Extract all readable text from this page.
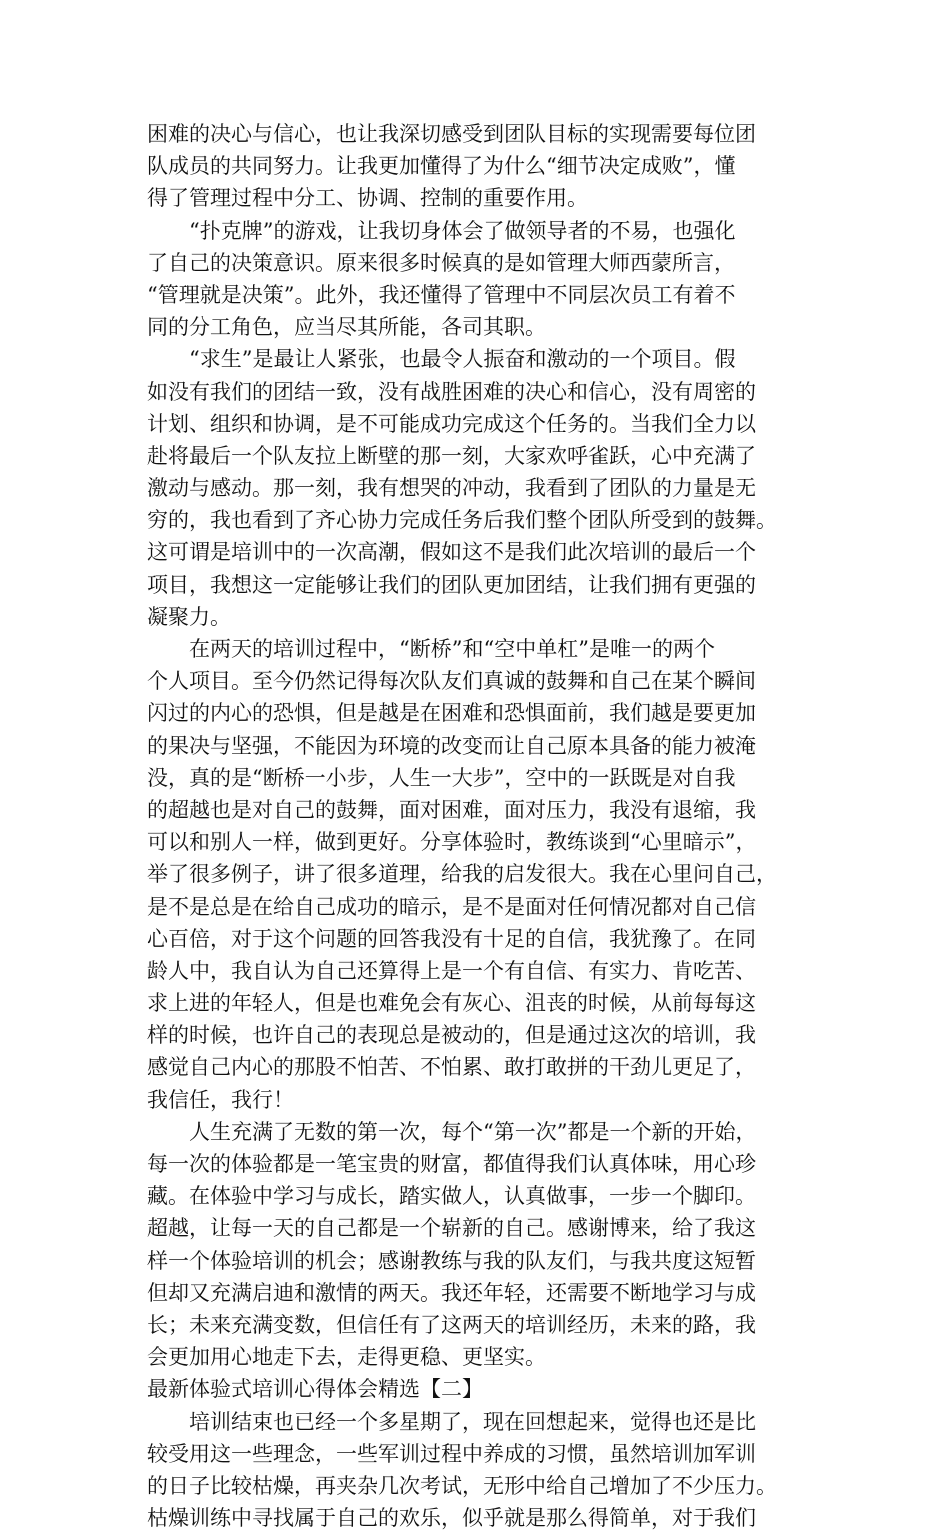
困难的决心与信心，也让我深切感受到团队目标的实现需要每位团
队成员的共同努力。让我更加懂得了为什么“细节决定成败”，懂
得了管理过程中分工、协调、控制的重要作用。
　　“扑克牌”的游戏，让我切身体会了做领导者的不易，也强化
了自己的决策意识。原来很多时候真的是如管理大师西蒙所言，
“管理就是决策”。此外，我还懂得了管理中不同层次员工有着不
同的分工角色，应当尽其所能，各司其职。
　　“求生”是最让人紧张，也最令人振奋和激动的一个项目。假
如没有我们的团结一致，没有战胜困难的决心和信心，没有周密的
计划、组织和协调，是不可能成功完成这个任务的。当我们全力以
赴将最后一个队友拉上断壁的那一刻，大家欢呼雀跃，心中充满了
激动与感动。那一刻，我有想哭的冲动，我看到了团队的力量是无
穷的，我也看到了齐心协力完成任务后我们整个团队所受到的鼓舞。
这可谓是培训中的一次高潮，假如这不是我们此次培训的最后一个
项目，我想这一定能够让我们的团队更加团结，让我们拥有更强的
凝聚力。
　　在两天的培训过程中，“断桥”和“空中单杠”是唯一的两个
个人项目。至今仍然记得每次队友们真诚的鼓舞和自己在某个瞬间
闪过的内心的恐惧，但是越是在困难和恐惧面前，我们越是要更加
的果决与坚强，不能因为环境的改变而让自己原本具备的能力被淹
没，真的是“断桥一小步，人生一大步”，空中的一跃既是对自我
的超越也是对自己的鼓舞，面对困难，面对压力，我没有退缩，我
可以和别人一样，做到更好。分享体验时，教练谈到“心里暗示”，
举了很多例子，讲了很多道理，给我的启发很大。我在心里问自己，
是不是总是在给自己成功的暗示，是不是面对任何情况都对自己信
心百倍，对于这个问题的回答我没有十足的自信，我犹豫了。在同
龄人中，我自认为自己还算得上是一个有自信、有实力、肯吃苦、
求上进的年轻人，但是也难免会有灰心、沮丧的时候，从前每每这
样的时候，也许自己的表现总是被动的，但是通过这次的培训，我
感觉自己内心的那股不怕苦、不怕累、敢打敢拼的干劲儿更足了，
我信任，我行！
　　人生充满了无数的第一次，每个“第一次”都是一个新的开始，
每一次的体验都是一笔宝贵的财富，都值得我们认真体味，用心珍
藏。在体验中学习与成长，踏实做人，认真做事，一步一个脚印。
超越，让每一天的自己都是一个崭新的自己。感谢博来，给了我这
样一个体验培训的机会；感谢教练与我的队友们，与我共度这短暂
但却又充满启迪和激情的两天。我还年轻，还需要不断地学习与成
长；未来充满变数，但信任有了这两天的培训经历，未来的路，我
会更加用心地走下去，走得更稳、更坚实。
最新体验式培训心得体会精选【二】
　　培训结束也已经一个多星期了，现在回想起来，觉得也还是比
较受用这一些理念，一些军训过程中养成的习惯，虽然培训加军训
的日子比较枯燥，再夹杂几次考试，无形中给自己增加了不少压力。
枯燥训练中寻找属于自己的欢乐，似乎就是那么得简单，对于我们
